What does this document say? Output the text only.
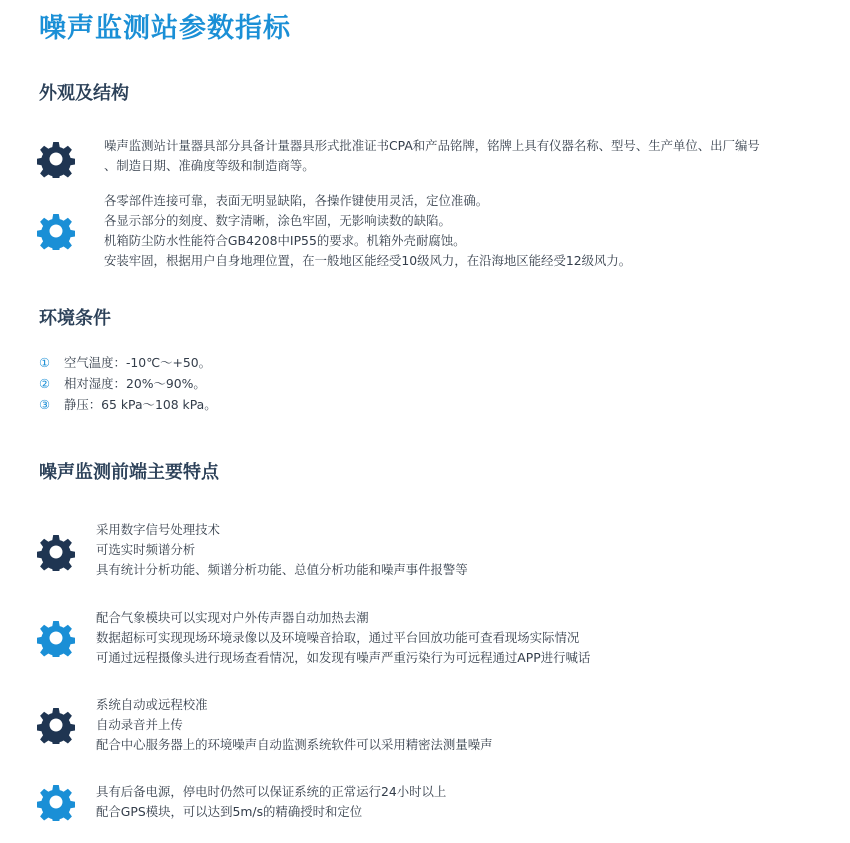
噪声监测站参数指标
外观及结构
噪声监测站计量器具部分具备计量器具形式批准证书CPA和产品铭牌，铭牌上具有仪器名称、型号、生产单位、出厂编号
、制造日期、准确度等级和制造商等。
各零部件连接可靠，表面无明显缺陷，各操作键使用灵活，定位准确。
各显示部分的刻度、数字清晰，涂色牢固，无影响读数的缺陷。
机箱防尘防水性能符合GB4208中IP55的要求。机箱外壳耐腐蚀。
安装牢固，根据用户自身地理位置，在一般地区能经受10级风力，在沿海地区能经受12级风力。
环境条件
① 空气温度：-10℃～+50。
② 相对湿度：20%～90%。
③ 静压：65 kPa～108 kPa。
噪声监测前端主要特点
采用数字信号处理技术
可选实时频谱分析
具有统计分析功能、频谱分析功能、总值分析功能和噪声事件报警等
配合气象模块可以实现对户外传声器自动加热去潮
数据超标可实现现场环境录像以及环境噪音拾取，通过平台回放功能可查看现场实际情况
可通过远程摄像头进行现场查看情况，如发现有噪声严重污染行为可远程通过APP进行喊话
系统自动或远程校准
自动录音并上传
配合中心服务器上的环境噪声自动监测系统软件可以采用精密法测量噪声
具有后备电源，停电时仍然可以保证系统的正常运行24小时以上
配合GPS模块，可以达到5m/s的精确授时和定位
